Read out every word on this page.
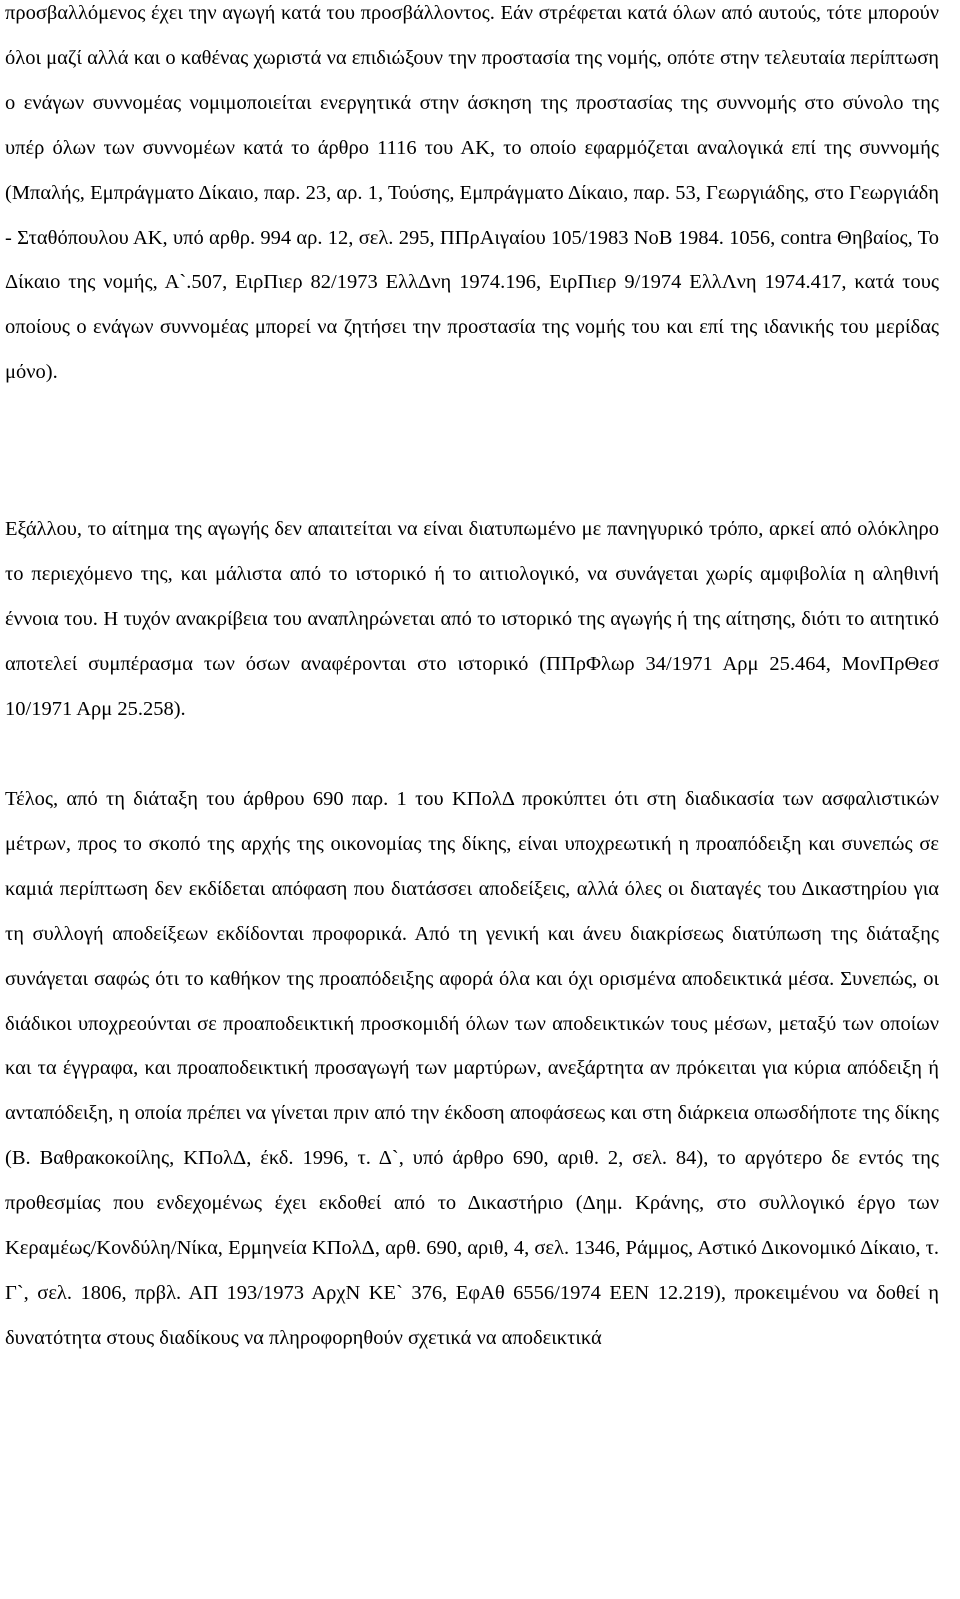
προσβαλλόμενος έχει την αγωγή κατά του προσβάλλοντος. Εάν στρέφεται κατά όλων από αυτούς, τότε μπορούν όλοι μαζί αλλά και ο καθένας χωριστά να επιδιώξουν την προστασία της νομής, οπότε στην τελευταία περίπτωση ο ενάγων συννομέας νομιμοποιείται ενεργητικά στην άσκηση της προστασίας της συννομής στο σύνολο της υπέρ όλων των συννομέων κατά το άρθρο 1116 του ΑΚ, το οποίο εφαρμόζεται αναλογικά επί της συννομής (Μπαλής, Εμπράγματο Δίκαιο, παρ. 23, αρ. 1, Τούσης, Εμπράγματο Δίκαιο, παρ. 53, Γεωργιάδης, στο Γεωργιάδη - Σταθόπουλου ΑΚ, υπό αρθρ. 994 αρ. 12, σελ. 295, ΠΠρΑιγαίου 105/1983 ΝοΒ 1984. 1056, contra Θηβαίος, Το Δίκαιο της νομής, Α`.507, ΕιρΠιερ 82/1973 ΕλλΔνη 1974.196, ΕιρΠιερ 9/1974 ΕλλΛνη 1974.417, κατά τους οποίους ο ενάγων συννομέας μπορεί να ζητήσει την προστασία της νομής του και επί της ιδανικής του μερίδας μόνο).

Εξάλλου, το αίτημα της αγωγής δεν απαιτείται να είναι διατυπωμένο με πανηγυρικό τρόπο, αρκεί από ολόκληρο το περιεχόμενο της, και μάλιστα από το ιστορικό ή το αιτιολογικό, να συνάγεται χωρίς αμφιβολία η αληθινή έννοια του. Η τυχόν ανακρίβεια του αναπληρώνεται από το ιστορικό της αγωγής ή της αίτησης, διότι το αιτητικό αποτελεί συμπέρασμα των όσων αναφέρονται στο ιστορικό (ΠΠρΦλωρ 34/1971 Αρμ 25.464, ΜονΠρΘεσ 10/1971 Αρμ 25.258).

Τέλος, από τη διάταξη του άρθρου 690 παρ. 1 του ΚΠολΔ προκύπτει ότι στη διαδικασία των ασφαλιστικών μέτρων, προς το σκοπό της αρχής της οικονομίας της δίκης, είναι υποχρεωτική η προαπόδειξη και συνεπώς σε καμιά περίπτωση δεν εκδίδεται απόφαση που διατάσσει αποδείξεις, αλλά όλες οι διαταγές του Δικαστηρίου για τη συλλογή αποδείξεων εκδίδονται προφορικά. Από τη γενική και άνευ διακρίσεως διατύπωση της διάταξης συνάγεται σαφώς ότι το καθήκον της προαπόδειξης αφορά όλα και όχι ορισμένα αποδεικτικά μέσα. Συνεπώς, οι διάδικοι υποχρεούνται σε προαποδεικτική προσκομιδή όλων των αποδεικτικών τους μέσων, μεταξύ των οποίων και τα έγγραφα, και προαποδεικτική προσαγωγή των μαρτύρων, ανεξάρτητα αν πρόκειται για κύρια απόδειξη ή ανταπόδειξη, η οποία πρέπει να γίνεται πριν από την έκδοση αποφάσεως και στη διάρκεια οπωσδήποτε της δίκης (Β. Βαθρακοκοίλης, ΚΠολΔ, έκδ. 1996, τ. Δ`, υπό άρθρο 690, αριθ. 2, σελ. 84), το αργότερο δε εντός της προθεσμίας που ενδεχομένως έχει εκδοθεί από το Δικαστήριο (Δημ. Κράνης, στο συλλογικό έργο των Κεραμέως/Κονδύλη/Νίκα, Ερμηνεία ΚΠολΔ, αρθ. 690, αριθ, 4, σελ. 1346, Ράμμος, Αστικό Δικονομικό Δίκαιο, τ. Γ`, σελ. 1806, πρβλ. ΑΠ 193/1973 ΑρχΝ ΚΕ` 376, ΕφΑθ 6556/1974 ΕΕΝ 12.219), προκειμένου να δοθεί η δυνατότητα στους διαδίκους να πληροφορηθούν σχετικά να αποδεικτικά
